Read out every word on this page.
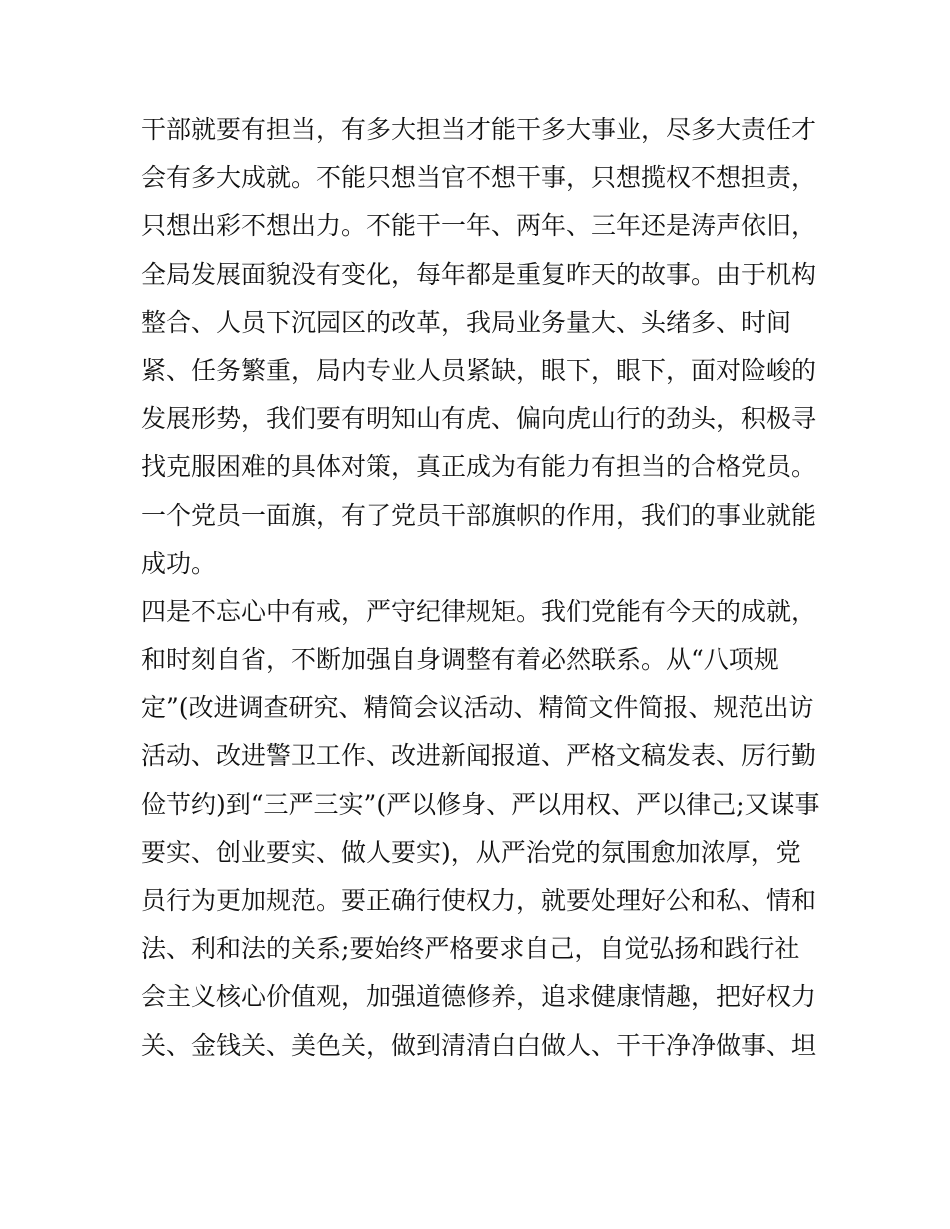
干部就要有担当，有多大担当才能干多大事业，尽多大责任才
会有多大成就。不能只想当官不想干事，只想揽权不想担责，
只想出彩不想出力。不能干一年、两年、三年还是涛声依旧，
全局发展面貌没有变化，每年都是重复昨天的故事。由于机构
整合、人员下沉园区的改革，我局业务量大、头绪多、时间
紧、任务繁重，局内专业人员紧缺，眼下，眼下，面对险峻的
发展形势，我们要有明知山有虎、偏向虎山行的劲头，积极寻
找克服困难的具体对策，真正成为有能力有担当的合格党员。
一个党员一面旗，有了党员干部旗帜的作用，我们的事业就能
成功。
四是不忘心中有戒，严守纪律规矩。我们党能有今天的成就，
和时刻自省，不断加强自身调整有着必然联系。从“八项规
定”(改进调查研究、精简会议活动、精简文件简报、规范出访
活动、改进警卫工作、改进新闻报道、严格文稿发表、厉行勤
俭节约)到“三严三实”(严以修身、严以用权、严以律己;又谋事
要实、创业要实、做人要实)，从严治党的氛围愈加浓厚，党
员行为更加规范。要正确行使权力，就要处理好公和私、情和
法、利和法的关系;要始终严格要求自己，自觉弘扬和践行社
会主义核心价值观，加强道德修养，追求健康情趣，把好权力
关、金钱关、美色关，做到清清白白做人、干干净净做事、坦
